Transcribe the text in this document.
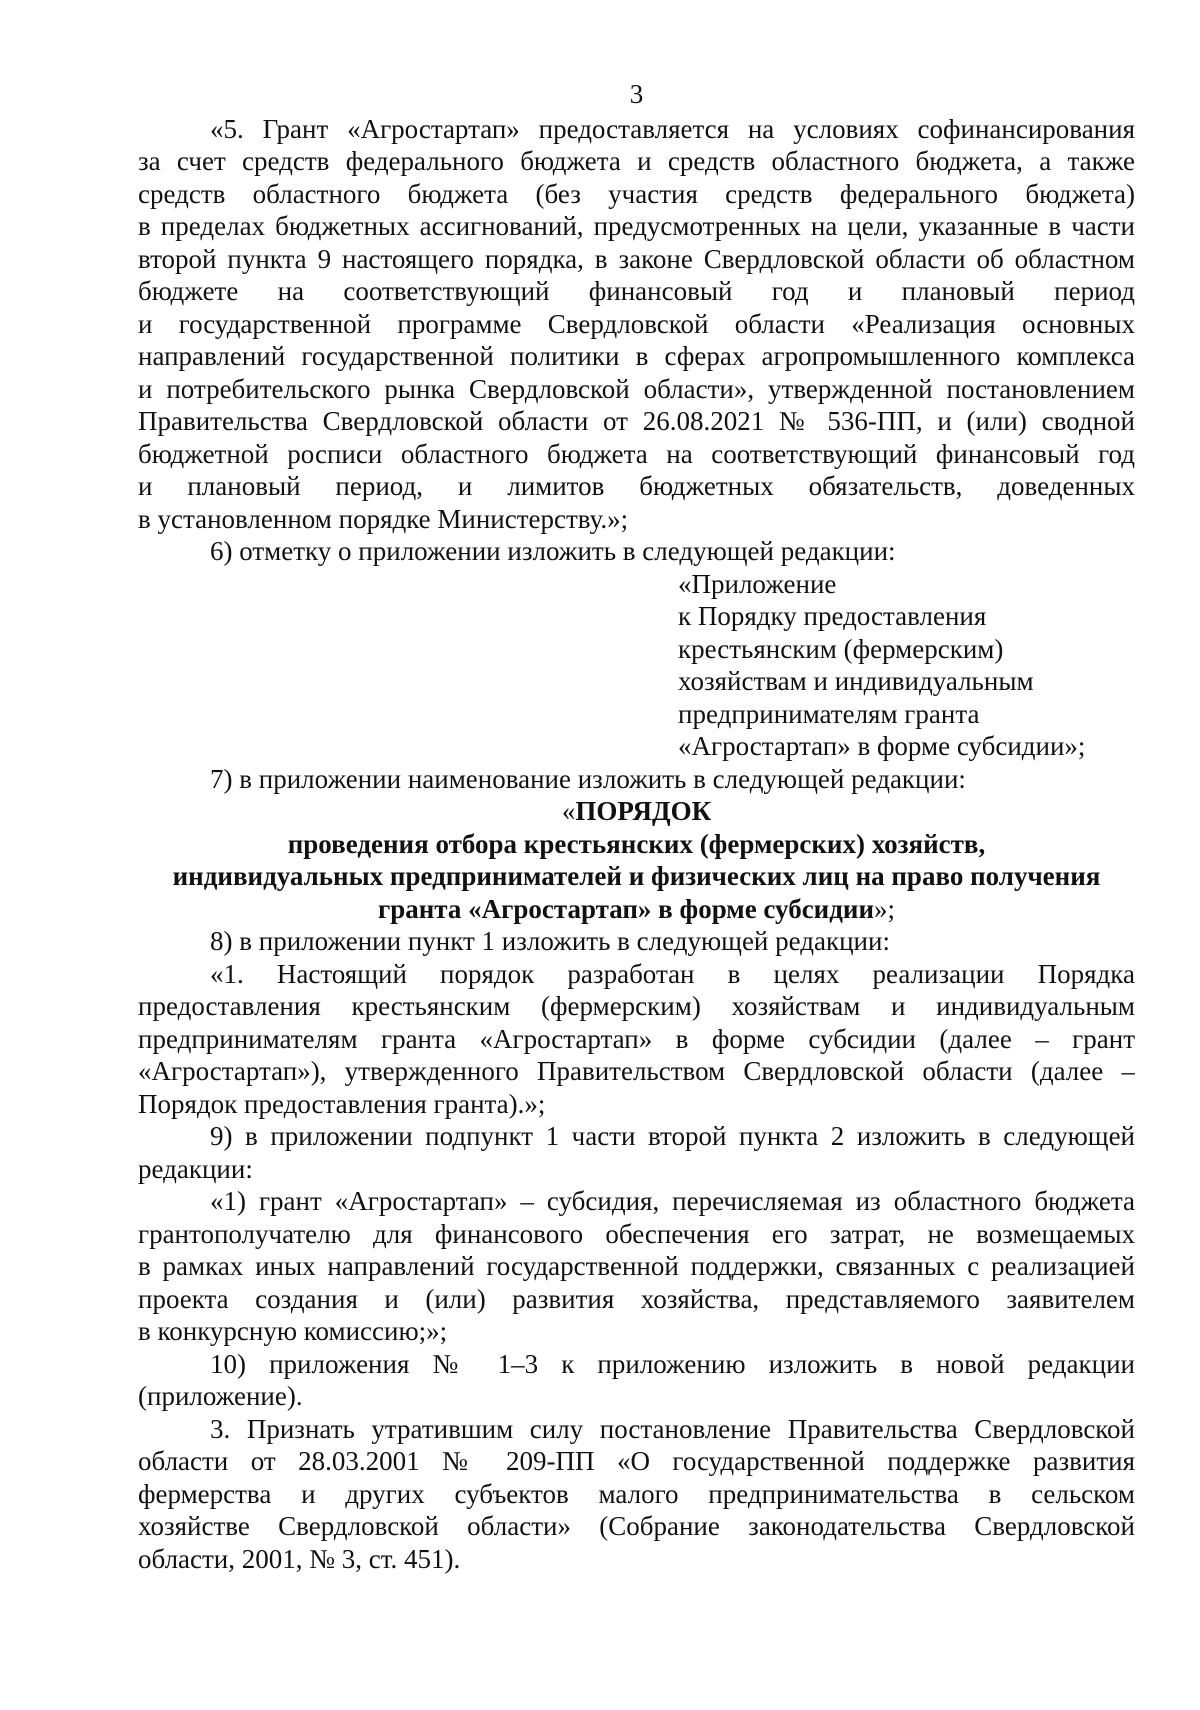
3
«5. Грант «Агростартап» предоставляется на условиях софинансирования
за счет средств федерального бюджета и средств областного бюджета, а также
средств областного бюджета (без участия средств федерального бюджета)
в пределах бюджетных ассигнований, предусмотренных на цели, указанные в части
второй пункта 9 настоящего порядка, в законе Свердловской области об областном
бюджете на соответствующий финансовый год и плановый период
и государственной программе Свердловской области «Реализация основных
направлений государственной политики в сферах агропромышленного комплекса
и потребительского рынка Свердловской области», утвержденной постановлением
Правительства Свердловской области от 26.08.2021 № 536-ПП, и (или) сводной
бюджетной росписи областного бюджета на соответствующий финансовый год
и плановый период, и лимитов бюджетных обязательств, доведенных
в установленном порядке Министерству.»;
6) отметку о приложении изложить в следующей редакции:
«Приложение
к Порядку предоставления
крестьянским (фермерским)
хозяйствам и индивидуальным
предпринимателям гранта
«Агростартап» в форме субсидии»;
7) в приложении наименование изложить в следующей редакции:
«ПОРЯДОК
проведения отбора крестьянских (фермерских) хозяйств,
индивидуальных предпринимателей и физических лиц на право получения
гранта «Агростартап» в форме субсидии»;
8) в приложении пункт 1 изложить в следующей редакции:
«1. Настоящий порядок разработан в целях реализации Порядка
предоставления крестьянским (фермерским) хозяйствам и индивидуальным
предпринимателям гранта «Агростартап» в форме субсидии (далее – грант
«Агростартап»), утвержденного Правительством Свердловской области (далее –
Порядок предоставления гранта).»;
9) в приложении подпункт 1 части второй пункта 2 изложить в следующей
редакции:
«1) грант «Агростартап» – субсидия, перечисляемая из областного бюджета
грантополучателю для финансового обеспечения его затрат, не возмещаемых
в рамках иных направлений государственной поддержки, связанных с реализацией
проекта создания и (или) развития хозяйства, представляемого заявителем
в конкурсную комиссию;»;
10) приложения № 1–3 к приложению изложить в новой редакции
(приложение).
3. Признать утратившим силу постановление Правительства Свердловской
области от 28.03.2001 № 209-ПП «О государственной поддержке развития
фермерства и других субъектов малого предпринимательства в сельском
хозяйстве Свердловской области» (Собрание законодательства Свердловской
области, 2001, № 3, ст. 451).
